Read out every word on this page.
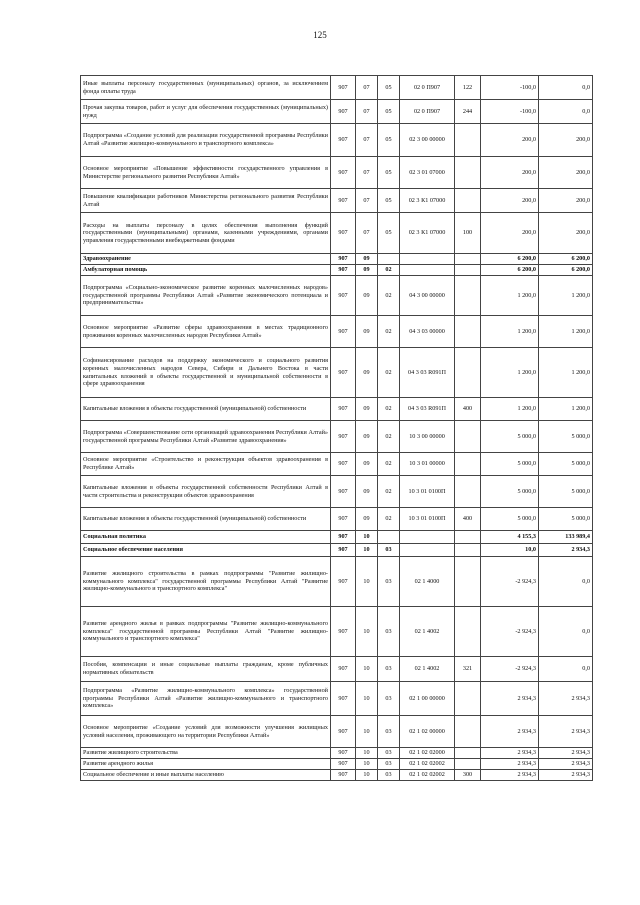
125
Иные выплаты персоналу государственных (муниципальных) органов, за исключением фонда оплаты труда	907	07	05	02 0 П907	122	-100,0	0,0
Прочая закупка товаров, работ и услуг для обеспечения государственных (муниципальных) нужд	907	07	05	02 0 П907	244	-100,0	0,0
Подпрограмма «Создание условий для реализации государственной программы Республики Алтай «Развитие жилищно-коммунального и транспортного комплекса»	907	07	05	02 3 00 00000		200,0	200,0
Основное мероприятие «Повышение эффективности государственного управления в Министерстве регионального развития Республики Алтай»	907	07	05	02 3 01 07000		200,0	200,0
Повышение квалификации работников Министерства регионального развития Республики Алтай	907	07	05	02 3 К1 07000		200,0	200,0
Расходы на выплаты персоналу в целях обеспечения выполнения функций государственными (муниципальными) органами, казенными учреждениями, органами управления государственными внебюджетными фондами	907	07	05	02 3 К1 07000	100	200,0	200,0
Здравоохранение	907	09				6 200,0	6 200,0
Амбулаторная помощь	907	09	02			6 200,0	6 200,0
Подпрограмма «Социально-экономическое развитие коренных малочисленных народов» государственной программы Республики Алтай «Развитие экономического потенциала и предпринимательства»	907	09	02	04 3 00 00000		1 200,0	1 200,0
Основное мероприятие «Развитие сферы здравоохранения в местах традиционного проживания коренных малочисленных народов Республики Алтай»	907	09	02	04 3 03 00000		1 200,0	1 200,0
Софинансирование расходов на поддержку экономического и социального развития коренных малочисленных народов Севера, Сибири и Дальнего Востока в части капитальных вложений в объекты государственной и муниципальной собственности в сфере здравоохранения	907	09	02	04 3 03 R091П		1 200,0	1 200,0
Капитальные вложения в объекты государственной (муниципальной) собственности	907	09	02	04 3 03 R091П	400	1 200,0	1 200,0
Подпрограмма «Совершенствование сети организаций здравоохранения Республики Алтай» государственной программы Республики Алтай «Развитие здравоохранения»	907	09	02	10 3 00 00000		5 000,0	5 000,0
Основное мероприятие «Строительство и реконструкция объектов здравоохранения в Республике Алтай»	907	09	02	10 3 01 00000		5 000,0	5 000,0
Капитальные вложения в объекты государственной собственности Республики Алтай в части строительства и реконструкции объектов здравоохранения	907	09	02	10 3 01 0100П		5 000,0	5 000,0
Капитальные вложения в объекты государственной (муниципальной) собственности	907	09	02	10 3 01 0100П	400	5 000,0	5 000,0
Социальная политика	907	10				4 155,3	133 989,4
Социальное обеспечение населения	907	10	03			10,0	2 934,3
Развитие жилищного строительства в рамках подпрограммы "Развитие жилищно-коммунального комплекса" государственной программы Республики Алтай "Развитие жилищно-коммунального и транспортного комплекса"	907	10	03	02 1 4000		-2 924,3	0,0
Развитие арендного жилья в рамках подпрограммы "Развитие жилищно-коммунального комплекса" государственной программы Республики Алтай "Развитие жилищно-коммунального и транспортного комплекса"	907	10	03	02 1 4002		-2 924,3	0,0
Пособия, компенсации и иные социальные выплаты гражданам, кроме публичных нормативных обязательств	907	10	03	02 1 4002	321	-2 924,3	0,0
Подпрограмма «Развитие жилищно-коммунального комплекса» государственной программы Республики Алтай «Развитие жилищно-коммунального и транспортного комплекса»	907	10	03	02 1 00 00000		2 934,3	2 934,3
Основное мероприятие «Создание условий для возможности улучшения жилищных условий населения, проживающего на территории Республики Алтай»	907	10	03	02 1 02 00000		2 934,3	2 934,3
Развитие жилищного строительства	907	10	03	02 1 02 02000		2 934,3	2 934,3
Развитие арендного жилья	907	10	03	02 1 02 02002		2 934,3	2 934,3
Социальное обеспечение и иные выплаты населению	907	10	03	02 1 02 02002	300	2 934,3	2 934,3
